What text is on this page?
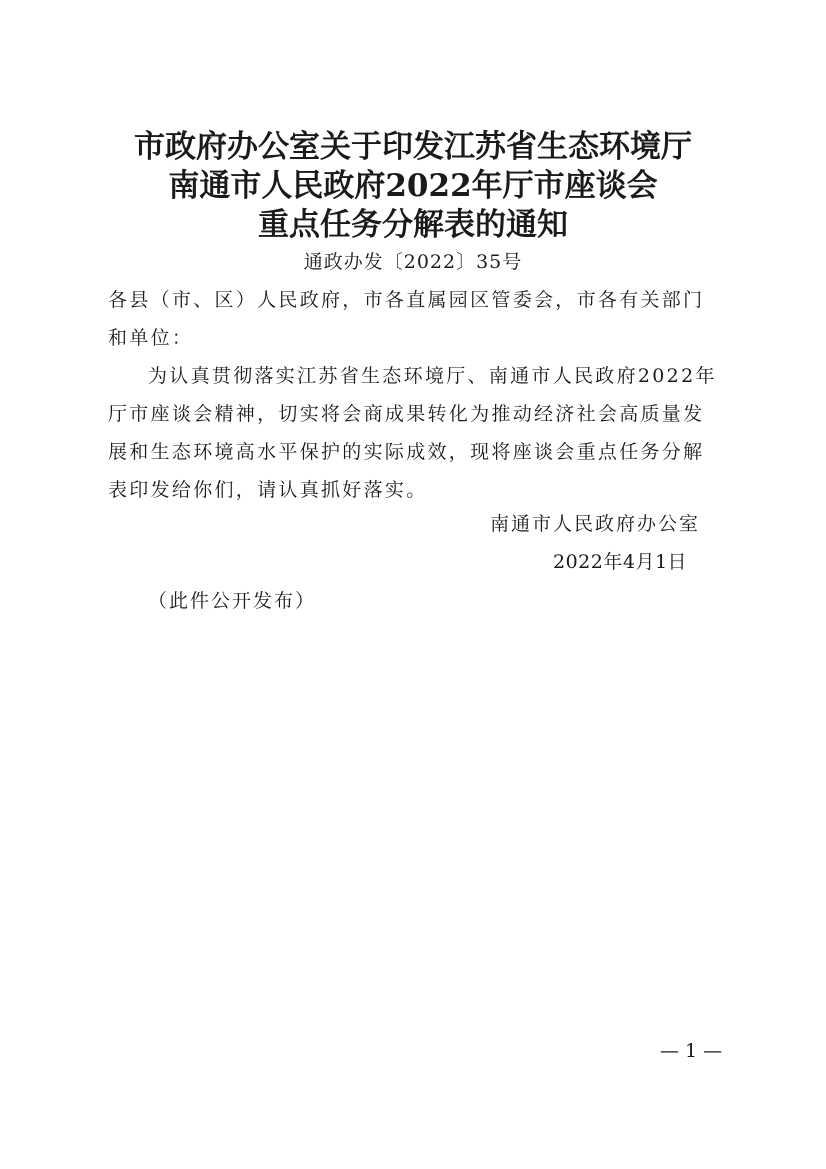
市政府办公室关于印发江苏省生态环境厅
南通市人民政府2022年厅市座谈会
重点任务分解表的通知
通政办发〔2022〕35号
各县（市、区）人民政府，市各直属园区管委会，市各有关部门
和单位：
为认真贯彻落实江苏省生态环境厅、南通市人民政府2022年
厅市座谈会精神，切实将会商成果转化为推动经济社会高质量发
展和生态环境高水平保护的实际成效，现将座谈会重点任务分解
表印发给你们，请认真抓好落实。
南通市人民政府办公室
2022年4月1日
（此件公开发布）
— 1 —
